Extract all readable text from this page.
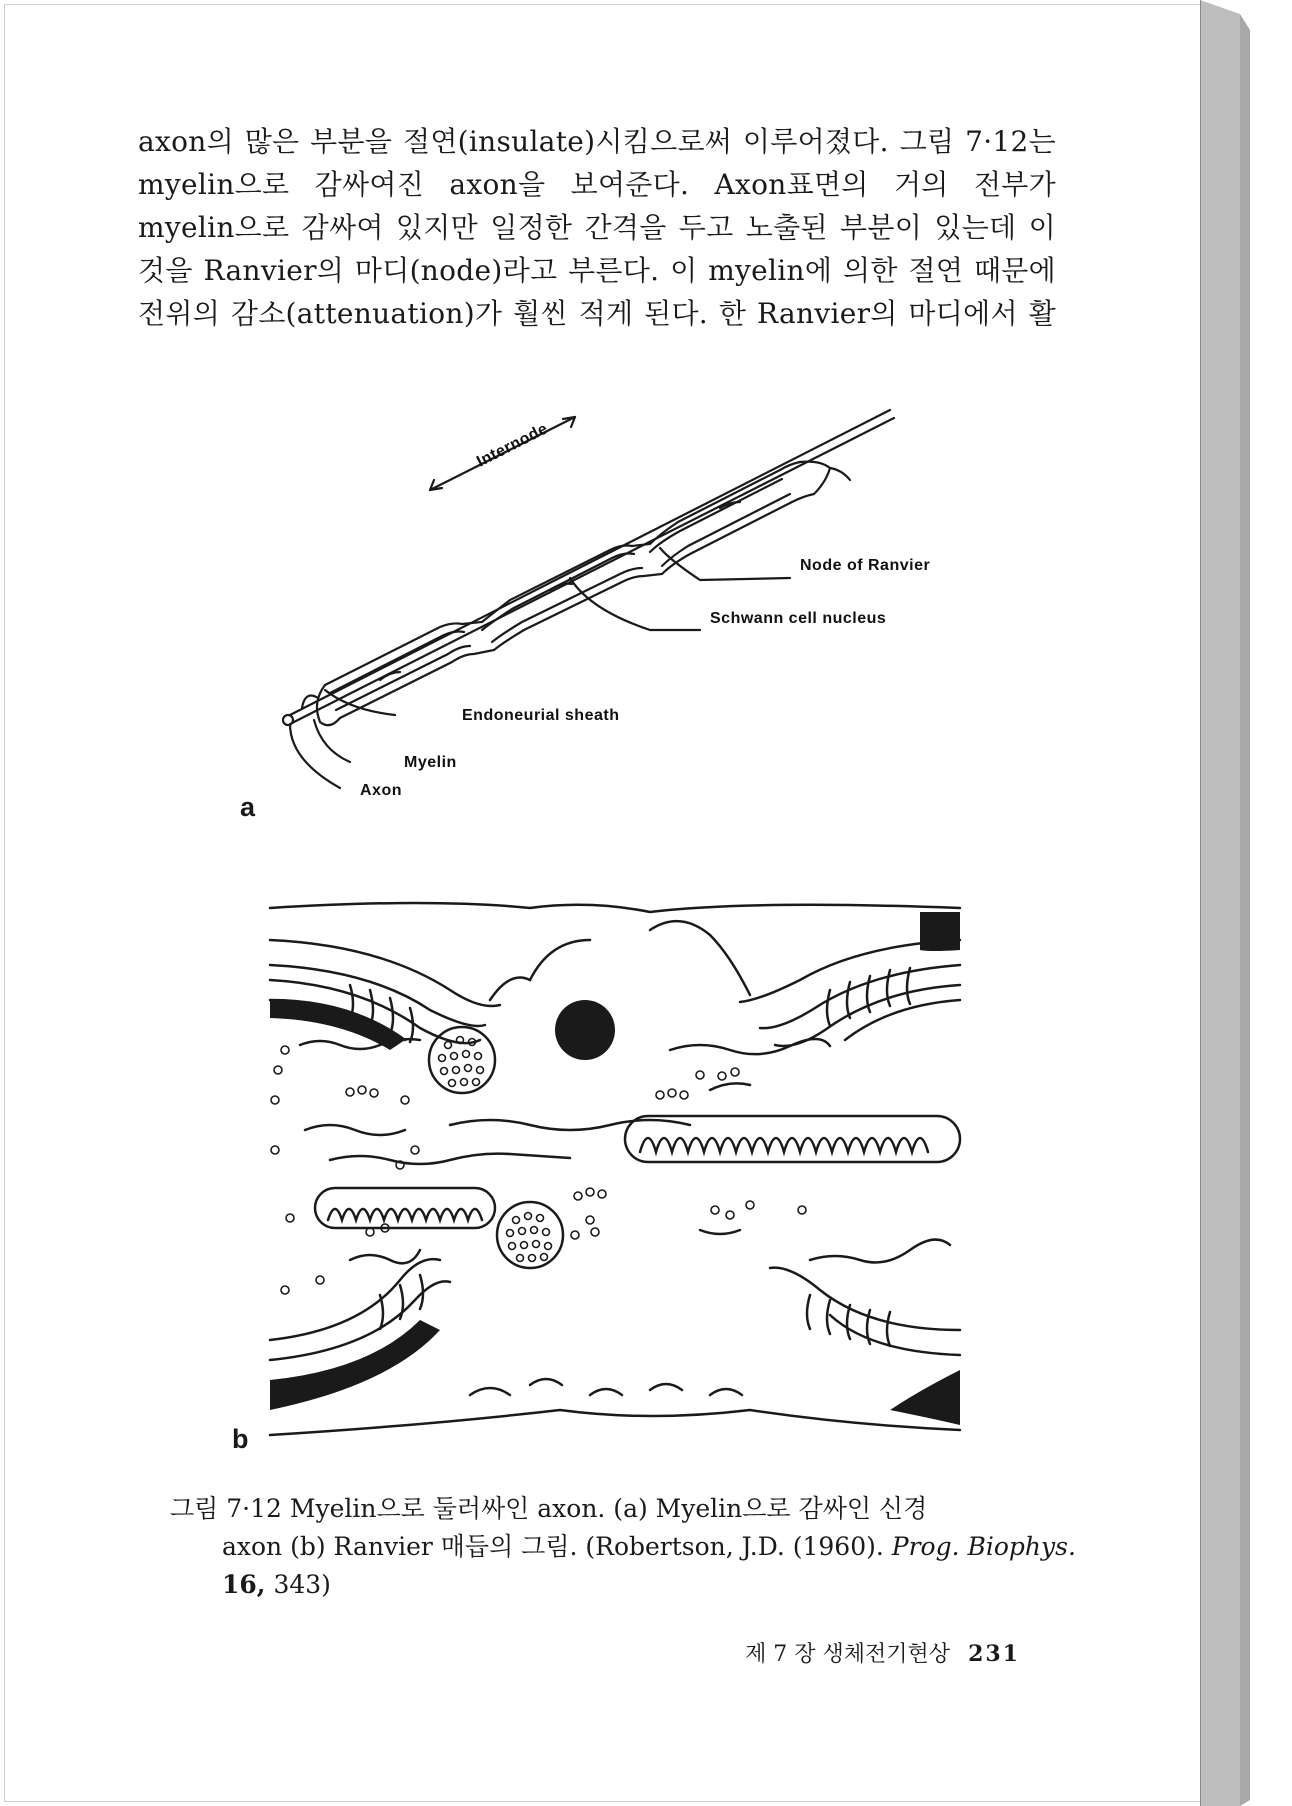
axon의 많은 부분을 절연(insulate)시킴으로써 이루어졌다. 그림 7·12는
myelin으로 감싸여진 axon을 보여준다. Axon표면의 거의 전부가
myelin으로 감싸여 있지만 일정한 간격을 두고 노출된 부분이 있는데 이
것을 Ranvier의 마디(node)라고 부른다. 이 myelin에 의한 절연 때문에
전위의 감소(attenuation)가 훨씬 적게 된다. 한 Ranvier의 마디에서 활
Internode
Node of Ranvier
Schwann cell nucleus
Endoneurial sheath
Myelin
Axon
a
b
그림 7·12 Myelin으로 둘러싸인 axon. (a) Myelin으로 감싸인 신경
axon (b) Ranvier 매듭의 그림. (Robertson, J.D. (1960). Prog. Biophys.
16, 343)
제 7 장 생체전기현상 231
